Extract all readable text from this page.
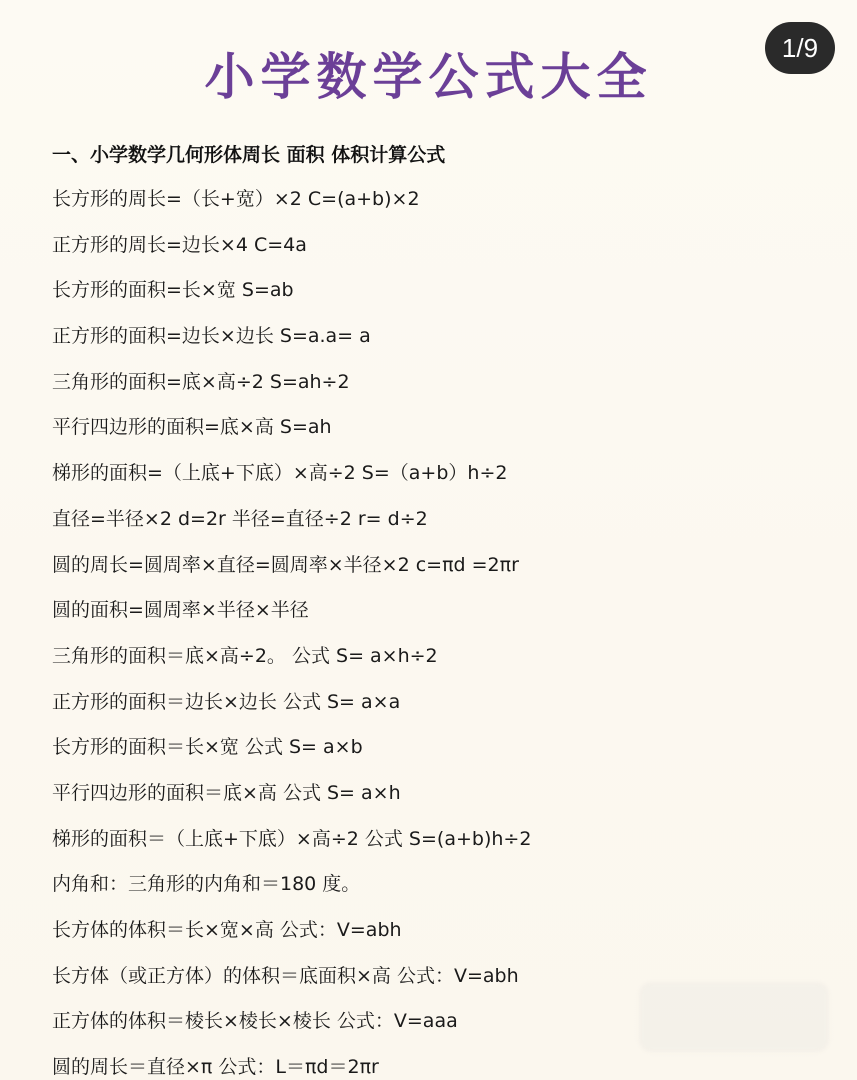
小学数学公式大全	1/9
一、小学数学几何形体周长 面积 体积计算公式
长方形的周长=（长+宽）×2 C=(a+b)×2
正方形的周长=边长×4 C=4a
长方形的面积=长×宽 S=ab
正方形的面积=边长×边长 S=a.a= a
三角形的面积=底×高÷2 S=ah÷2
平行四边形的面积=底×高 S=ah
梯形的面积=（上底+下底）×高÷2 S=（a+b）h÷2
直径=半径×2 d=2r 半径=直径÷2 r= d÷2
圆的周长=圆周率×直径=圆周率×半径×2 c=πd =2πr
圆的面积=圆周率×半径×半径
三角形的面积＝底×高÷2。 公式 S= a×h÷2
正方形的面积＝边长×边长 公式 S= a×a
长方形的面积＝长×宽 公式 S= a×b
平行四边形的面积＝底×高 公式 S= a×h
梯形的面积＝（上底+下底）×高÷2 公式 S=(a+b)h÷2
内角和：三角形的内角和＝180 度。
长方体的体积＝长×宽×高 公式：V=abh
长方体（或正方体）的体积＝底面积×高 公式：V=abh
正方体的体积＝棱长×棱长×棱长 公式：V=aaa
圆的周长＝直径×π 公式：L＝πd＝2πr
